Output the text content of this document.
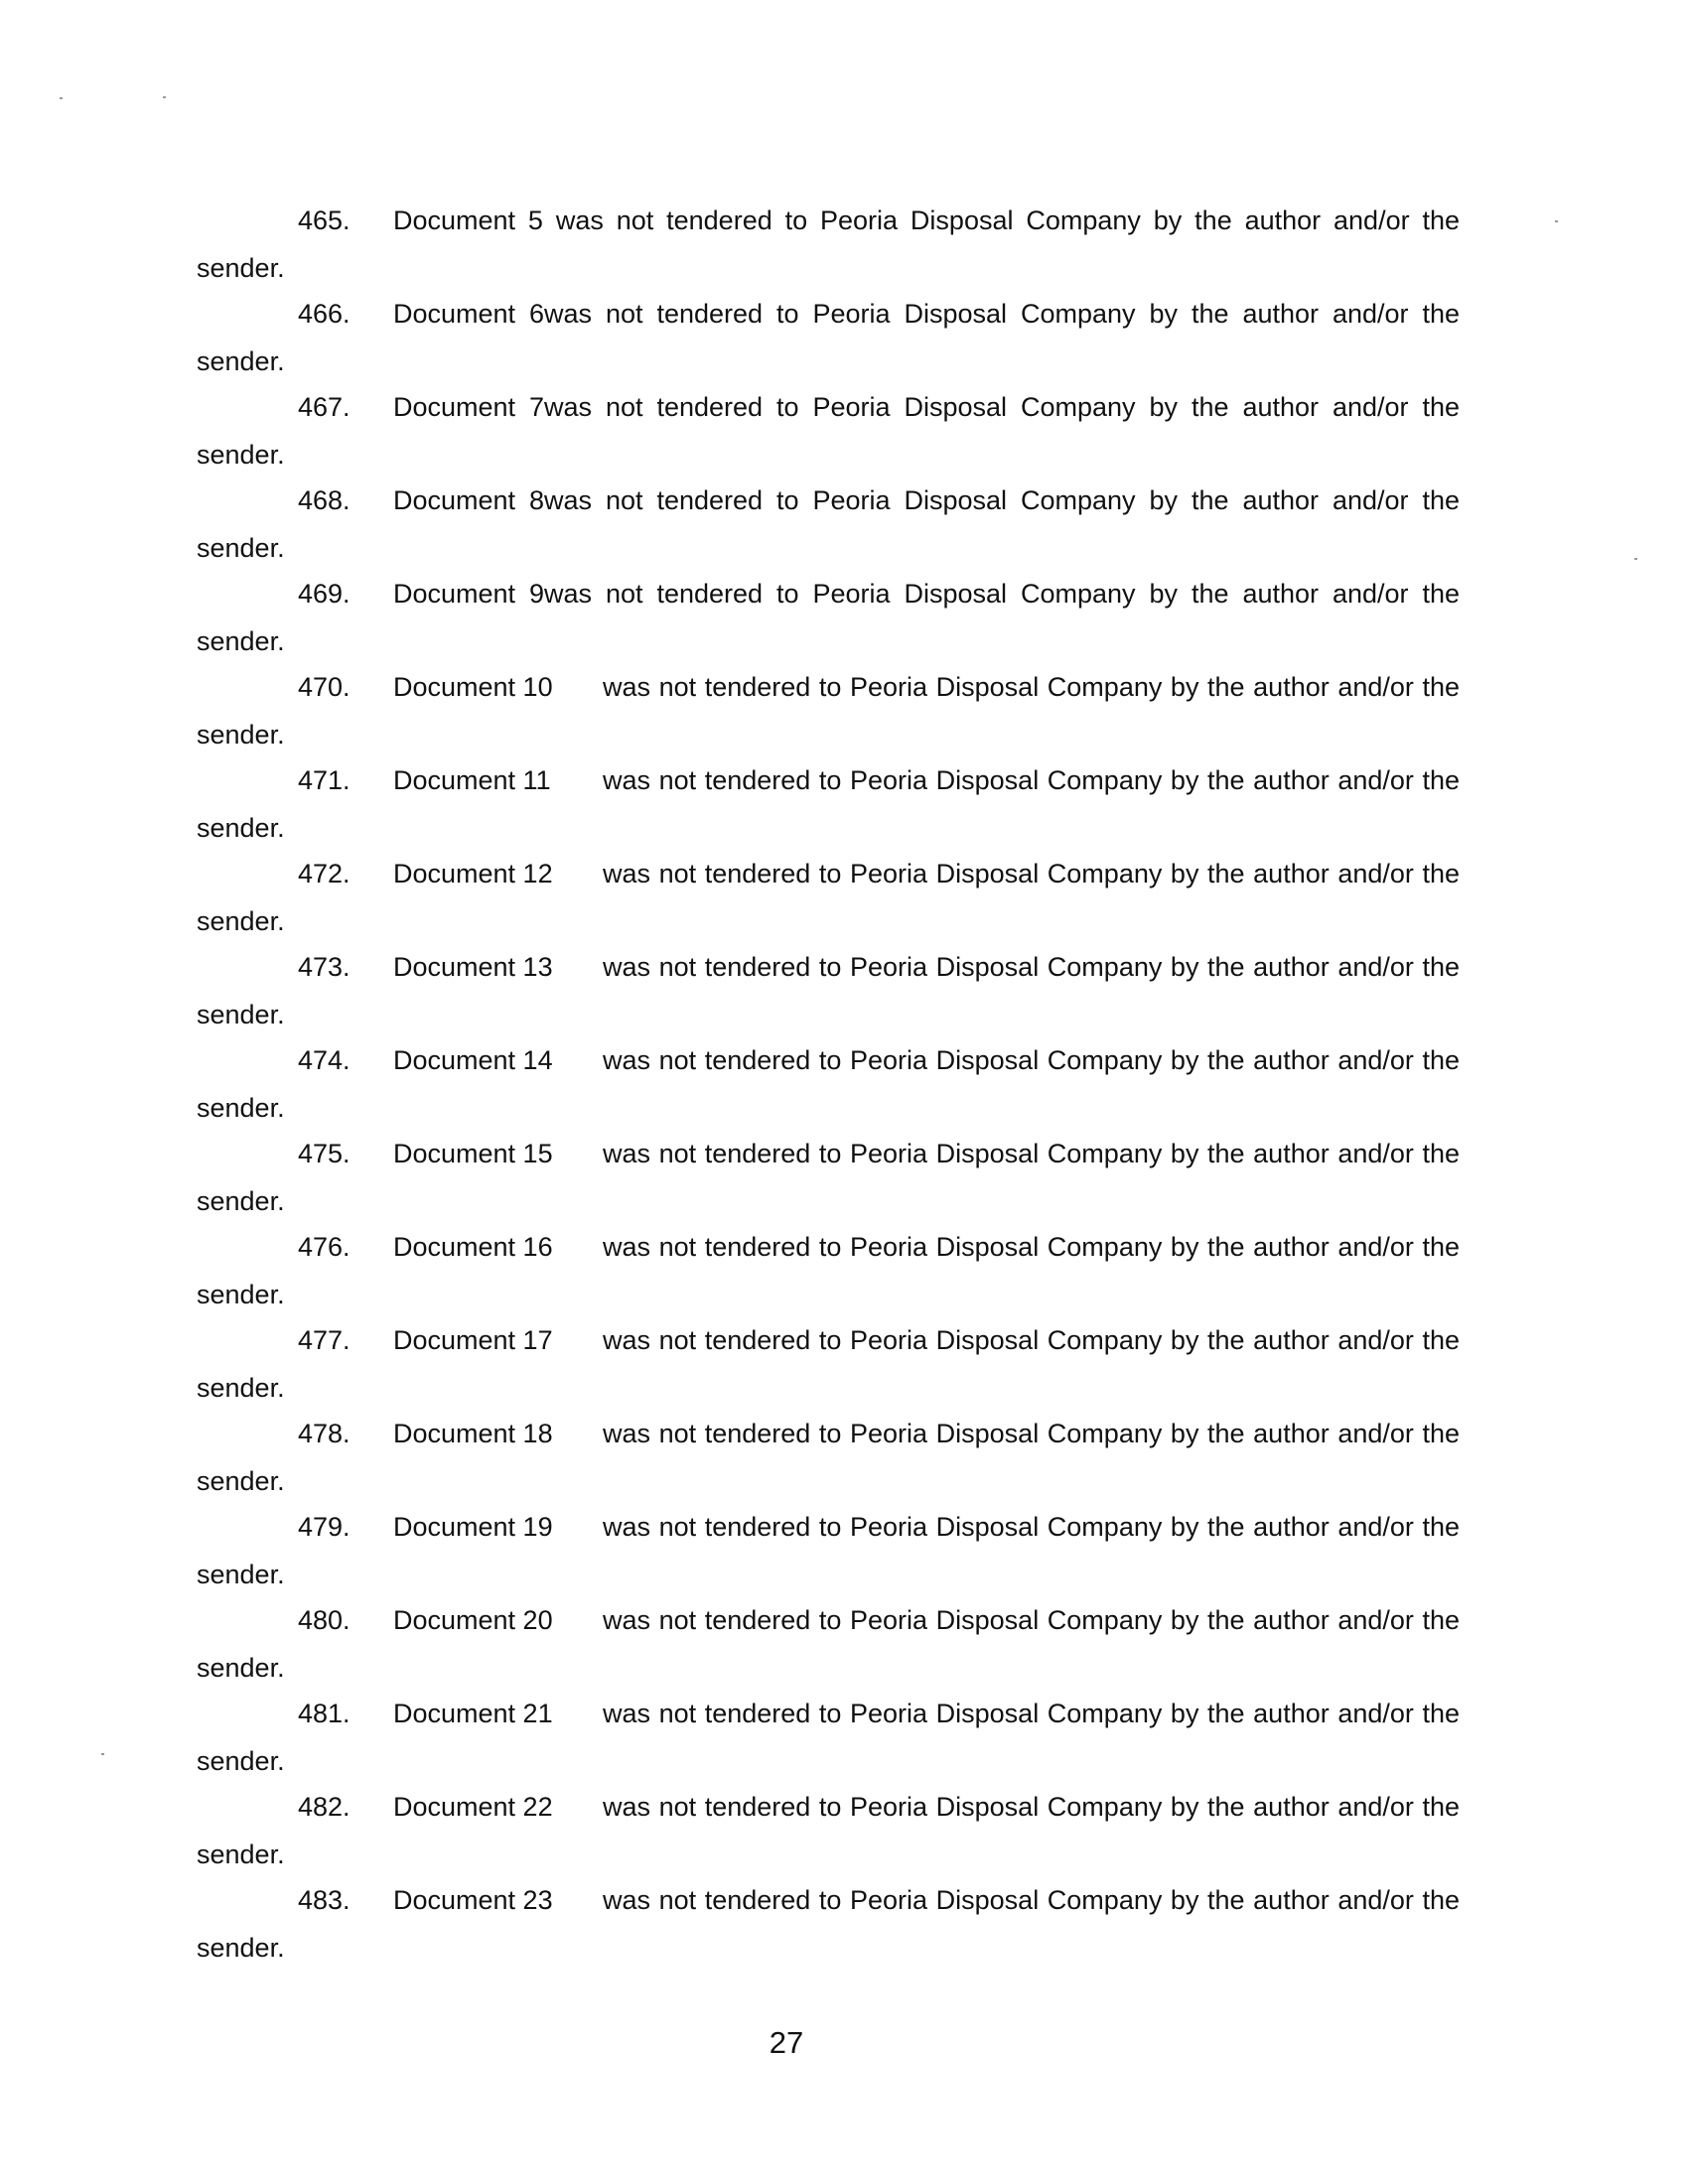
465. Document 5 was not tendered to Peoria Disposal Company by the author and/or the
sender.
466. Document 6was not tendered to Peoria Disposal Company by the author and/or the
sender.
467. Document 7was not tendered to Peoria Disposal Company by the author and/or the
sender.
468. Document 8was not tendered to Peoria Disposal Company by the author and/or the
sender.
469. Document 9was not tendered to Peoria Disposal Company by the author and/or the
sender.
470. Document 10 was not tendered to Peoria Disposal Company by the author and/or the
sender.
471. Document 11 was not tendered to Peoria Disposal Company by the author and/or the
sender.
472. Document 12 was not tendered to Peoria Disposal Company by the author and/or the
sender.
473. Document 13 was not tendered to Peoria Disposal Company by the author and/or the
sender.
474. Document 14 was not tendered to Peoria Disposal Company by the author and/or the
sender.
475. Document 15 was not tendered to Peoria Disposal Company by the author and/or the
sender.
476. Document 16 was not tendered to Peoria Disposal Company by the author and/or the
sender.
477. Document 17 was not tendered to Peoria Disposal Company by the author and/or the
sender.
478. Document 18 was not tendered to Peoria Disposal Company by the author and/or the
sender.
479. Document 19 was not tendered to Peoria Disposal Company by the author and/or the
sender.
480. Document 20 was not tendered to Peoria Disposal Company by the author and/or the
sender.
481. Document 21 was not tendered to Peoria Disposal Company by the author and/or the
sender.
482. Document 22 was not tendered to Peoria Disposal Company by the author and/or the
sender.
483. Document 23 was not tendered to Peoria Disposal Company by the author and/or the
sender.
27
